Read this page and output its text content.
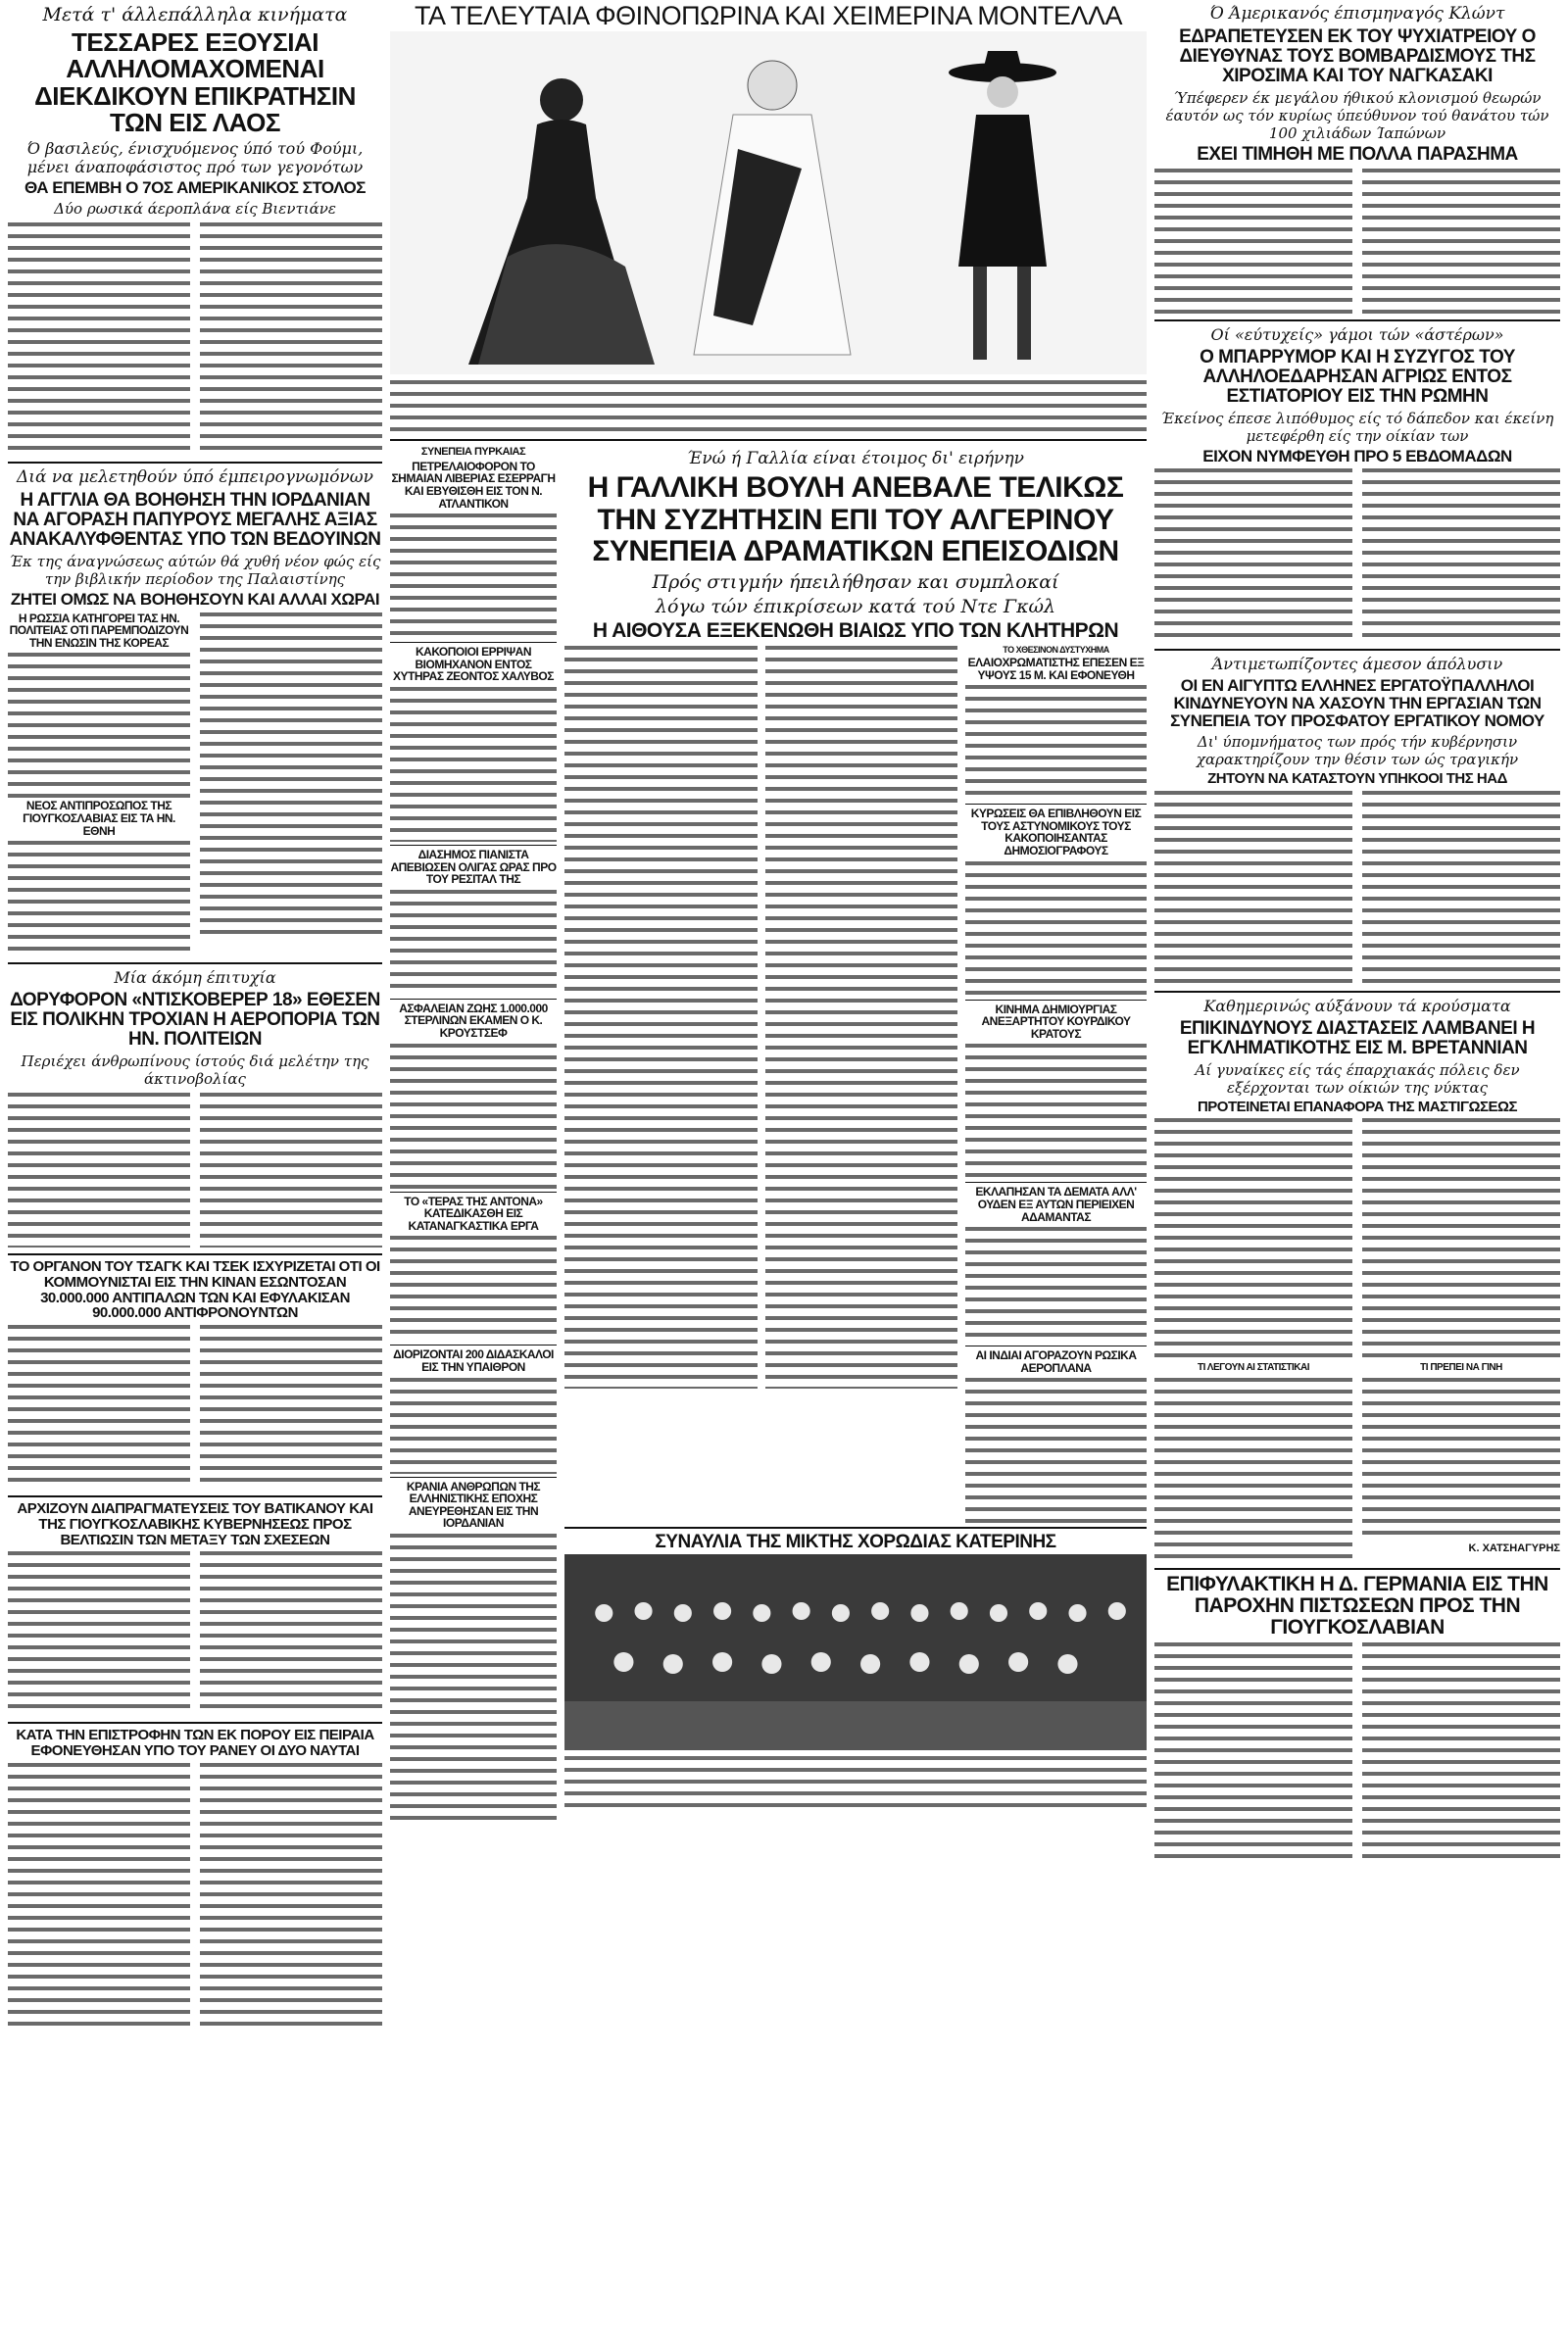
Μετά τ' άλλεπάλληλα κινήματα
ΤΕΣΣΑΡΕΣ ΕΞΟΥΣΙΑΙ ΑΛΛΗΛΟΜΑΧΟΜΕΝΑΙ ΔΙΕΚΔΙΚΟΥΝ ΕΠΙΚΡΑΤΗΣΙΝ ΤΩΝ ΕΙΣ ΛΑΟΣ
Ό βασιλεύς, ένισχυόμενος ύπό τού Φούμι, μένει άναποφάσιστος πρό των γεγονότων
ΘΑ ΕΠΕΜΒΗ Ο 7ΟΣ ΑΜΕΡΙΚΑΝΙΚΟΣ ΣΤΟΛΟΣ
Δύο ρωσικά άεροπλάνα είς Βιεντιάνε
Διά να μελετηθούν ύπό έμπειρογνωμόνων
Η ΑΓΓΛΙΑ ΘΑ ΒΟΗΘΗΣΗ ΤΗΝ ΙΟΡΔΑΝΙΑΝ ΝΑ ΑΓΟΡΑΣΗ ΠΑΠΥΡΟΥΣ ΜΕΓΑΛΗΣ ΑΞΙΑΣ ΑΝΑΚΑΛΥΦΘΕΝΤΑΣ ΥΠΟ ΤΩΝ ΒΕΔΟΥΙΝΩΝ
Έκ της άναγνώσεως αύτών θά χυθή νέον φώς είς την βιβλικήν περίοδον της Παλαιστίνης
ΖΗΤΕΙ ΟΜΩΣ ΝΑ ΒΟΗΘΗΣΟΥΝ ΚΑΙ ΑΛΛΑΙ ΧΩΡΑΙ
Η ΡΩΣΣΙΑ ΚΑΤΗΓΟΡΕΙ ΤΑΣ ΗΝ. ΠΟΛΙΤΕΙΑΣ ΟΤΙ ΠΑΡΕΜΠΟΔΙΖΟΥΝ ΤΗΝ ΕΝΩΣΙΝ ΤΗΣ ΚΟΡΕΑΣ
ΝΕΟΣ ΑΝΤΙΠΡΟΣΩΠΟΣ ΤΗΣ ΓΙΟΥΓΚΟΣΛΑΒΙΑΣ ΕΙΣ ΤΑ ΗΝ. ΕΘΝΗ
Μία άκόμη έπιτυχία
ΔΟΡΥΦΟΡΟΝ «ΝΤΙΣΚΟΒΕΡΕΡ 18» ΕΘΕΣΕΝ ΕΙΣ ΠΟΛΙΚΗΝ ΤΡΟΧΙΑΝ Η ΑΕΡΟΠΟΡΙΑ ΤΩΝ ΗΝ. ΠΟΛΙΤΕΙΩΝ
Περιέχει άνθρωπίνους ίστούς διά μελέτην της άκτινοβολίας
ΤΟ ΟΡΓΑΝΟΝ ΤΟΥ ΤΣΑΓΚ ΚΑΙ ΤΣΕΚ ΙΣΧΥΡΙΖΕΤΑΙ ΟΤΙ ΟΙ ΚΟΜΜΟΥΝΙΣΤΑΙ ΕΙΣ ΤΗΝ ΚΙΝΑΝ ΕΣΩΝΤΟΣΑΝ 30.000.000 ΑΝΤΙΠΑΛΩΝ ΤΩΝ ΚΑΙ ΕΦΥΛΑΚΙΣΑΝ 90.000.000 ΑΝΤΙΦΡΟΝΟΥΝΤΩΝ
ΑΡΧΙΖΟΥΝ ΔΙΑΠΡΑΓΜΑΤΕΥΣΕΙΣ ΤΟΥ ΒΑΤΙΚΑΝΟΥ ΚΑΙ ΤΗΣ ΓΙΟΥΓΚΟΣΛΑΒΙΚΗΣ ΚΥΒΕΡΝΗΣΕΩΣ ΠΡΟΣ ΒΕΛΤΙΩΣΙΝ ΤΩΝ ΜΕΤΑΞΥ ΤΩΝ ΣΧΕΣΕΩΝ
ΚΑΤΑ ΤΗΝ ΕΠΙΣΤΡΟΦΗΝ ΤΩΝ ΕΚ ΠΟΡΟΥ ΕΙΣ ΠΕΙΡΑΙΑ ΕΦΟΝΕΥΘΗΣΑΝ ΥΠΟ ΤΟΥ ΡΑΝΕΥ ΟΙ ΔΥΟ ΝΑΥΤΑΙ
ΤΑ ΤΕΛΕΥΤΑΙΑ ΦΘΙΝΟΠΩΡΙΝΑ ΚΑΙ ΧΕΙΜΕΡΙΝΑ ΜΟΝΤΕΛΛΑ
ΣΥΝΕΠΕΙΑ ΠΥΡΚΑΙΑΣ
ΠΕΤΡΕΛΑΙΟΦΟΡΟΝ ΤΟ ΣΗΜΑΙΑΝ ΛΙΒΕΡΙΑΣ ΕΣΕΡΡΑΓΗ ΚΑΙ ΕΒΥΘΙΣΘΗ ΕΙΣ ΤΟΝ Ν. ΑΤΛΑΝΤΙΚΟΝ
ΚΑΚΟΠΟΙΟΙ ΕΡΡΙΨΑΝ ΒΙΟΜΗΧΑΝΟΝ ΕΝΤΟΣ ΧΥΤΗΡΑΣ ΖΕΟΝΤΟΣ ΧΑΛΥΒΟΣ
ΔΙΑΣΗΜΟΣ ΠΙΑΝΙΣΤΑ ΑΠΕΒΙΩΣΕΝ ΟΛΙΓΑΣ ΩΡΑΣ ΠΡΟ ΤΟΥ ΡΕΣΙΤΑΛ ΤΗΣ
ΑΣΦΑΛΕΙΑΝ ΖΩΗΣ 1.000.000 ΣΤΕΡΛΙΝΩΝ ΕΚΑΜΕΝ Ο Κ. ΚΡΟΥΣΤΣΕΦ
ΤΟ «ΤΕΡΑΣ ΤΗΣ ΑΝΤΟΝΑ» ΚΑΤΕΔΙΚΑΣΘΗ ΕΙΣ ΚΑΤΑΝΑΓΚΑΣΤΙΚΑ ΕΡΓΑ
ΔΙΟΡΙΖΟΝΤΑΙ 200 ΔΙΔΑΣΚΑΛΟΙ ΕΙΣ ΤΗΝ ΥΠΑΙΘΡΟΝ
ΚΡΑΝΙΑ ΑΝΘΡΩΠΩΝ ΤΗΣ ΕΛΛΗΝΙΣΤΙΚΗΣ ΕΠΟΧΗΣ ΑΝΕΥΡΕΘΗΣΑΝ ΕΙΣ ΤΗΝ ΙΟΡΔΑΝΙΑΝ
Ένώ ή Γαλλία είναι έτοιμος δι' ειρήνην
Η ΓΑΛΛΙΚΗ ΒΟΥΛΗ ΑΝΕΒΑΛΕ ΤΕΛΙΚΩΣ ΤΗΝ ΣΥΖΗΤΗΣΙΝ ΕΠΙ ΤΟΥ ΑΛΓΕΡΙΝΟΥ ΣΥΝΕΠΕΙΑ ΔΡΑΜΑΤΙΚΩΝ ΕΠΕΙΣΟΔΙΩΝ
Πρός στιγμήν ήπειλήθησαν και συμπλοκαί
λόγω τών έπικρίσεων κατά τού Ντε Γκώλ
Η ΑΙΘΟΥΣΑ ΕΞΕΚΕΝΩΘΗ ΒΙΑΙΩΣ ΥΠΟ ΤΩΝ ΚΛΗΤΗΡΩΝ
ΤΟ ΧΘΕΣΙΝΟΝ ΔΥΣΤΥΧΗΜΑ
ΕΛΑΙΟΧΡΩΜΑΤΙΣΤΗΣ ΕΠΕΣΕΝ ΕΞ ΥΨΟΥΣ 15 Μ. ΚΑΙ ΕΦΟΝΕΥΘΗ
ΚΥΡΩΣΕΙΣ ΘΑ ΕΠΙΒΛΗΘΟΥΝ ΕΙΣ ΤΟΥΣ ΑΣΤΥΝΟΜΙΚΟΥΣ ΤΟΥΣ ΚΑΚΟΠΟΙΗΣΑΝΤΑΣ ΔΗΜΟΣΙΟΓΡΑΦΟΥΣ
ΚΙΝΗΜΑ ΔΗΜΙΟΥΡΓΙΑΣ ΑΝΕΞΑΡΤΗΤΟΥ ΚΟΥΡΔΙΚΟΥ ΚΡΑΤΟΥΣ
ΕΚΛΑΠΗΣΑΝ ΤΑ ΔΕΜΑΤΑ ΑΛΛ' ΟΥΔΕΝ ΕΞ ΑΥΤΩΝ ΠΕΡΙΕΙΧΕΝ ΑΔΑΜΑΝΤΑΣ
ΑΙ ΙΝΔΙΑΙ ΑΓΟΡΑΖΟΥΝ ΡΩΣΙΚΑ ΑΕΡΟΠΛΑΝΑ
ΣΥΝΑΥΛΙΑ ΤΗΣ ΜΙΚΤΗΣ ΧΟΡΩΔΙΑΣ ΚΑΤΕΡΙΝΗΣ
Ό Άμερικανός έπισμηναγός Κλώντ
ΕΔΡΑΠΕΤΕΥΣΕΝ ΕΚ ΤΟΥ ΨΥΧΙΑΤΡΕΙΟΥ Ο ΔΙΕΥΘΥΝΑΣ ΤΟΥΣ ΒΟΜΒΑΡΔΙΣΜΟΥΣ ΤΗΣ ΧΙΡΟΣΙΜΑ ΚΑΙ ΤΟΥ ΝΑΓΚΑΣΑΚΙ
Ύπέφερεν έκ μεγάλου ήθικού κλονισμού θεωρών έαυτόν ως τόν κυρίως ύπεύθυνον τού θανάτου τών 100 χιλιάδων Ίαπώνων
ΕΧΕΙ ΤΙΜΗΘΗ ΜΕ ΠΟΛΛΑ ΠΑΡΑΣΗΜΑ
Οί «εύτυχείς» γάμοι τών «άστέρων»
Ο ΜΠΑΡΡΥΜΟΡ ΚΑΙ Η ΣΥΖΥΓΟΣ ΤΟΥ ΑΛΛΗΛΟΕΔΑΡΗΣΑΝ ΑΓΡΙΩΣ ΕΝΤΟΣ ΕΣΤΙΑΤΟΡΙΟΥ ΕΙΣ ΤΗΝ ΡΩΜΗΝ
Έκείνος έπεσε λιπόθυμος είς τό δάπεδον και έκείνη μετεφέρθη είς την οίκίαν των
ΕΙΧΟΝ ΝΥΜΦΕΥΘΗ ΠΡΟ 5 ΕΒΔΟΜΑΔΩΝ
Άντιμετωπίζοντες άμεσον άπόλυσιν
ΟΙ ΕΝ ΑΙΓΥΠΤΩ ΕΛΛΗΝΕΣ ΕΡΓΑΤΟΫΠΑΛΛΗΛΟΙ ΚΙΝΔΥΝΕΥΟΥΝ ΝΑ ΧΑΣΟΥΝ ΤΗΝ ΕΡΓΑΣΙΑΝ ΤΩΝ ΣΥΝΕΠΕΙΑ ΤΟΥ ΠΡΟΣΦΑΤΟΥ ΕΡΓΑΤΙΚΟΥ ΝΟΜΟΥ
Δι' ύπομνήματος των πρός τήν κυβέρνησιν χαρακτηρίζουν την θέσιν των ώς τραγικήν
ΖΗΤΟΥΝ ΝΑ ΚΑΤΑΣΤΟΥΝ ΥΠΗΚΟΟΙ ΤΗΣ ΗΑΔ
Καθημερινώς αύξάνουν τά κρούσματα
ΕΠΙΚΙΝΔΥΝΟΥΣ ΔΙΑΣΤΑΣΕΙΣ ΛΑΜΒΑΝΕΙ Η ΕΓΚΛΗΜΑΤΙΚΟΤΗΣ ΕΙΣ Μ. ΒΡΕΤΑΝΝΙΑΝ
Αί γυναίκες είς τάς έπαρχιακάς πόλεις δεν εξέρχονται των οίκιών της νύκτας
ΠΡΟΤΕΙΝΕΤΑΙ ΕΠΑΝΑΦΟΡΑ ΤΗΣ ΜΑΣΤΙΓΩΣΕΩΣ
ΤΙ ΛΕΓΟΥΝ ΑΙ ΣΤΑΤΙΣΤΙΚΑΙ	ΤΙ ΠΡΕΠΕΙ ΝΑ ΓΙΝΗ
Κ. ΧΑΤΣΗΑΓΥΡΗΣ
ΕΠΙΦΥΛΑΚΤΙΚΗ Η Δ. ΓΕΡΜΑΝΙΑ ΕΙΣ ΤΗΝ ΠΑΡΟΧΗΝ ΠΙΣΤΩΣΕΩΝ ΠΡΟΣ ΤΗΝ ΓΙΟΥΓΚΟΣΛΑΒΙΑΝ
